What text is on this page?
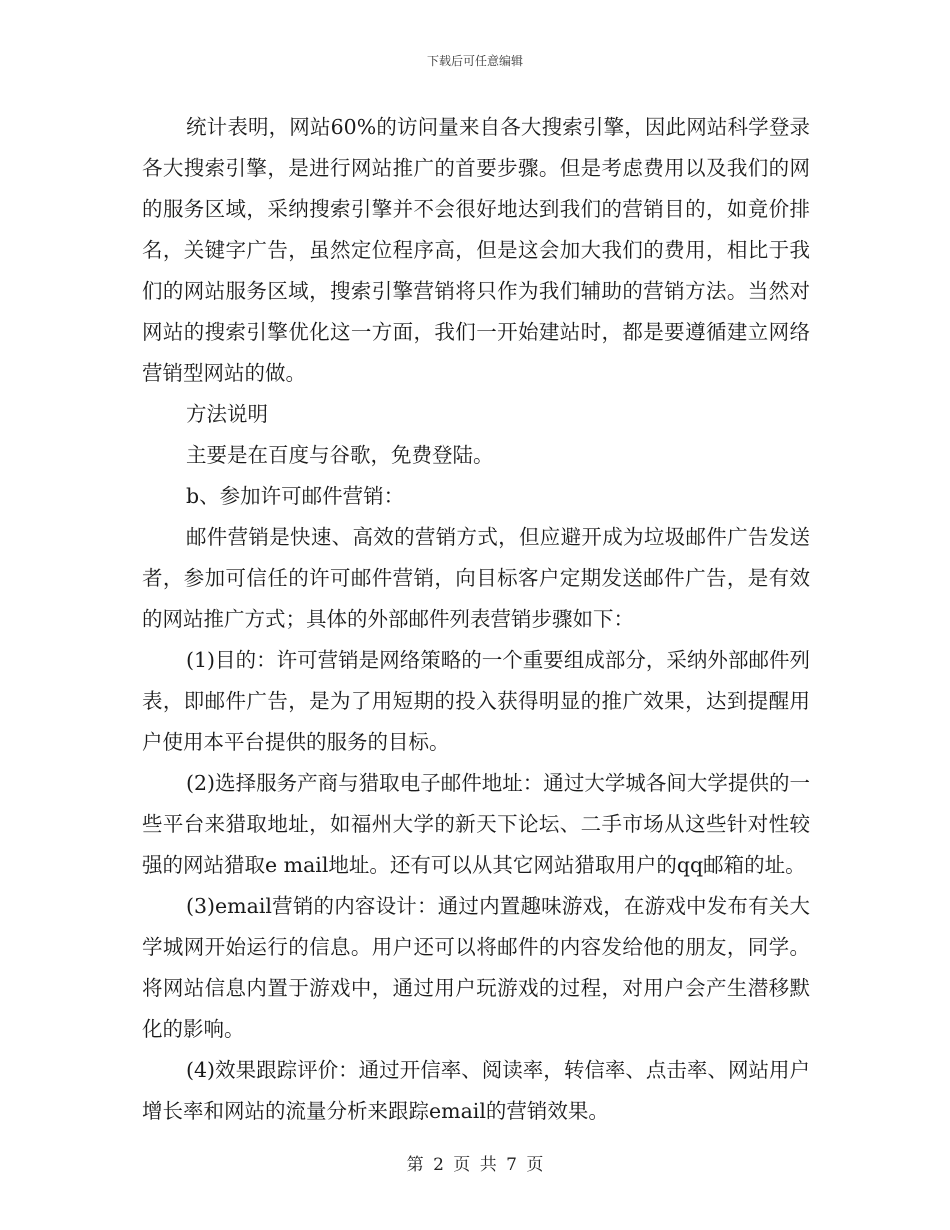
下载后可任意编辑

统计表明，网站60%的访问量来自各大搜索引擎，因此网站科学登录各大搜索引擎，是进行网站推广的首要步骤。但是考虑费用以及我们的网的服务区域，采纳搜索引擎并不会很好地达到我们的营销目的，如竟价排名，关键字广告，虽然定位程序高，但是这会加大我们的费用，相比于我们的网站服务区域，搜索引擎营销将只作为我们辅助的营销方法。当然对网站的搜索引擎优化这一方面，我们一开始建站时，都是要遵循建立网络营销型网站的做。

方法说明

主要是在百度与谷歌，免费登陆。

b、参加许可邮件营销：

邮件营销是快速、高效的营销方式，但应避开成为垃圾邮件广告发送者，参加可信任的许可邮件营销，向目标客户定期发送邮件广告，是有效的网站推广方式；具体的外部邮件列表营销步骤如下：

(1)目的：许可营销是网络策略的一个重要组成部分，采纳外部邮件列表，即邮件广告，是为了用短期的投入获得明显的推广效果，达到提醒用户使用本平台提供的服务的目标。

(2)选择服务产商与猎取电子邮件地址：通过大学城各间大学提供的一些平台来猎取地址，如福州大学的新天下论坛、二手市场从这些针对性较强的网站猎取e mail地址。还有可以从其它网站猎取用户的qq邮箱的址。

(3)email营销的内容设计：通过内置趣味游戏，在游戏中发布有关大学城网开始运行的信息。用户还可以将邮件的内容发给他的朋友，同学。将网站信息内置于游戏中，通过用户玩游戏的过程，对用户会产生潜移默化的影响。

(4)效果跟踪评价：通过开信率、阅读率，转信率、点击率、网站用户增长率和网站的流量分析来跟踪email的营销效果。

第 2 页 共 7 页
